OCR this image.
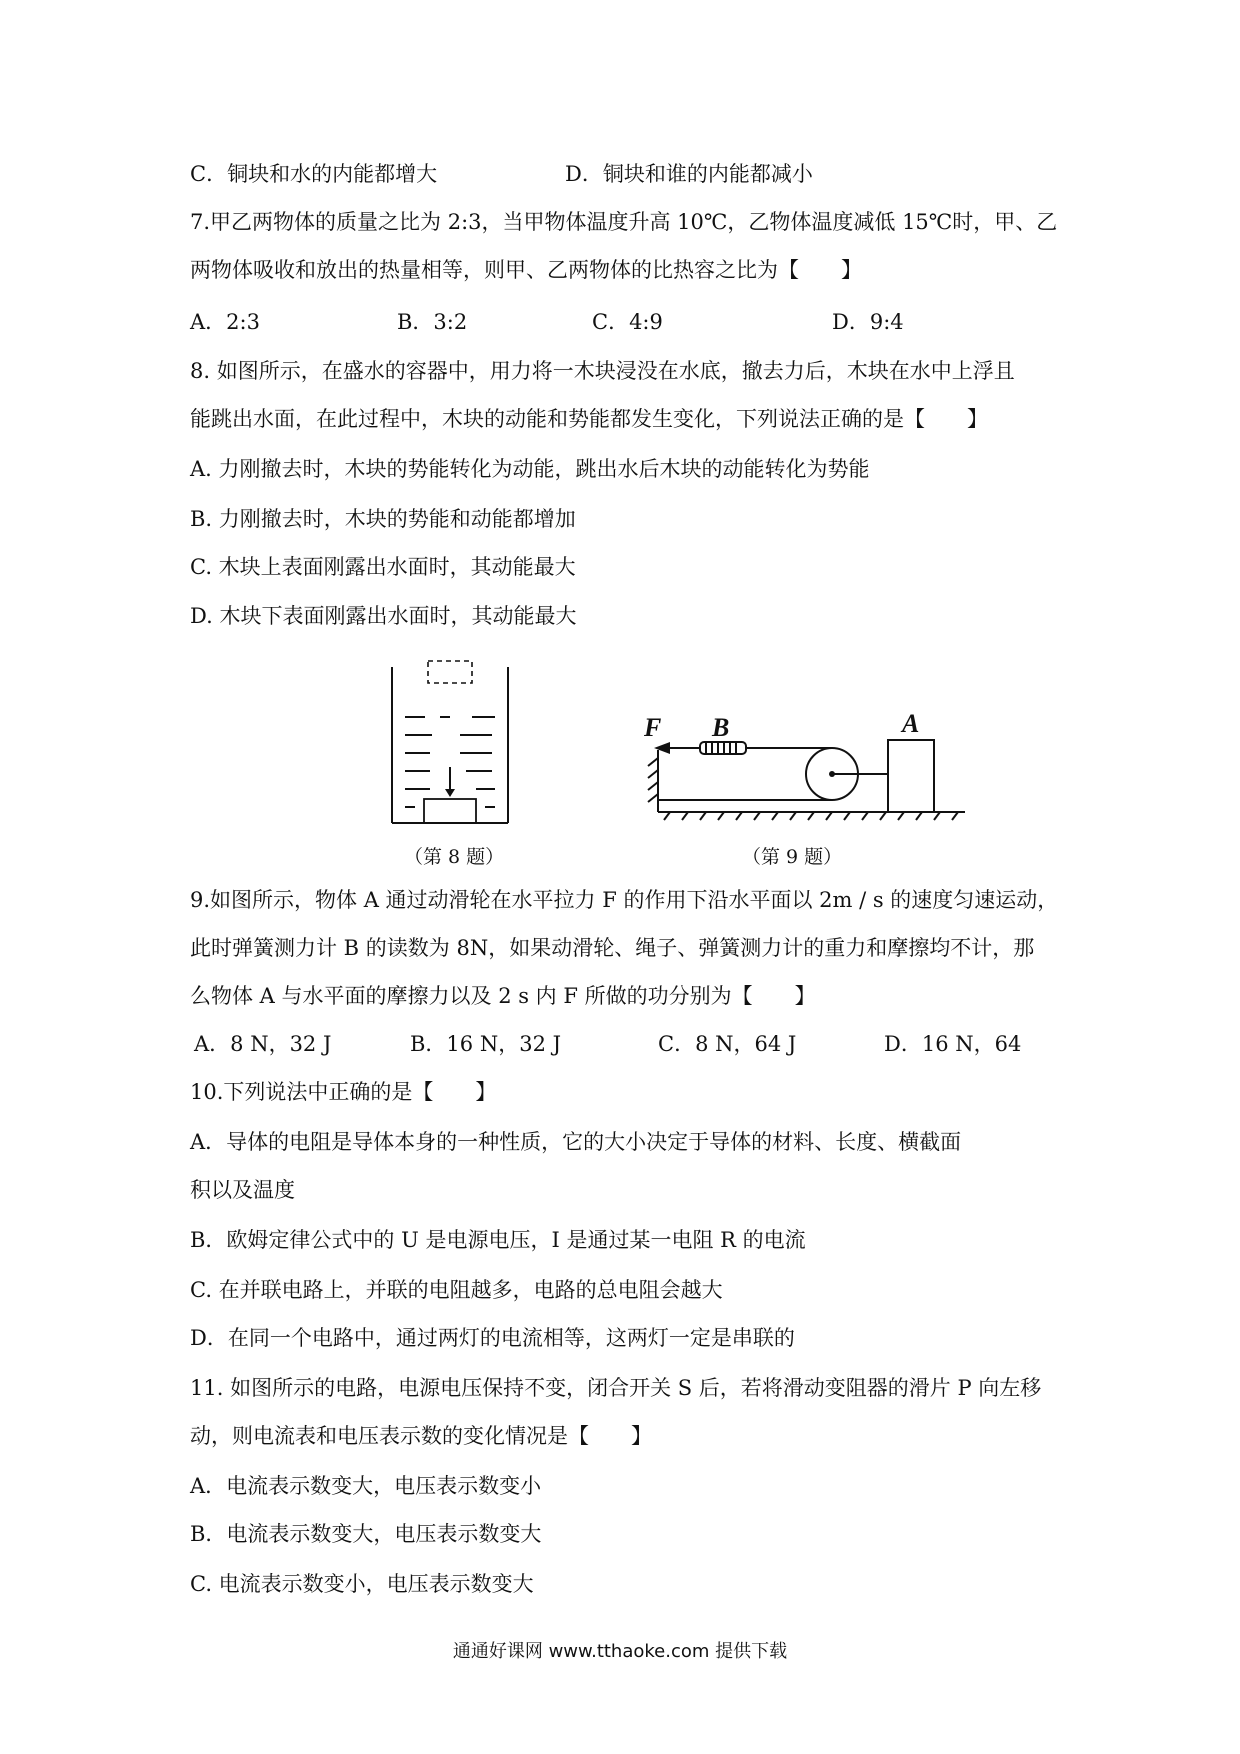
C．铜块和水的内能都增大	D．铜块和谁的内能都减小
7.甲乙两物体的质量之比为 2:3，当甲物体温度升高 10℃，乙物体温度减低 15℃时，甲、乙
两物体吸收和放出的热量相等，则甲、乙两物体的比热容之比为【　　】
A．2:3	B．3:2	C．4:9	D．9:4
8. 如图所示，在盛水的容器中，用力将一木块浸没在水底，撤去力后，木块在水中上浮且
能跳出水面，在此过程中，木块的动能和势能都发生变化，下列说法正确的是【　　】
A. 力刚撤去时，木块的势能转化为动能，跳出水后木块的动能转化为势能
B. 力刚撤去时，木块的势能和动能都增加
C. 木块上表面刚露出水面时，其动能最大
D. 木块下表面刚露出水面时，其动能最大
（第 8 题）
F B	A
（第 9 题）
9.如图所示，物体 A 通过动滑轮在水平拉力 F 的作用下沿水平面以 2m / s 的速度匀速运动，
此时弹簧测力计 B 的读数为 8N，如果动滑轮、绳子、弹簧测力计的重力和摩擦均不计，那
么物体 A 与水平面的摩擦力以及 2 s 内 F 所做的功分别为【　　】
A．8 N，32 J	B．16 N，32 J	C．8 N，64 J	D．16 N，64
10.下列说法中正确的是【　　】
A．导体的电阻是导体本身的一种性质，它的大小决定于导体的材料、长度、横截面
积以及温度
B．欧姆定律公式中的 U 是电源电压，I 是通过某一电阻 R 的电流
C. 在并联电路上，并联的电阻越多，电路的总电阻会越大
D．在同一个电路中，通过两灯的电流相等，这两灯一定是串联的
11. 如图所示的电路，电源电压保持不变，闭合开关 S 后，若将滑动变阻器的滑片 P 向左移
动，则电流表和电压表示数的变化情况是【　　】
A．电流表示数变大，电压表示数变小
B．电流表示数变大，电压表示数变大
C. 电流表示数变小，电压表示数变大
通通好课网 www.tthaoke.com 提供下载
